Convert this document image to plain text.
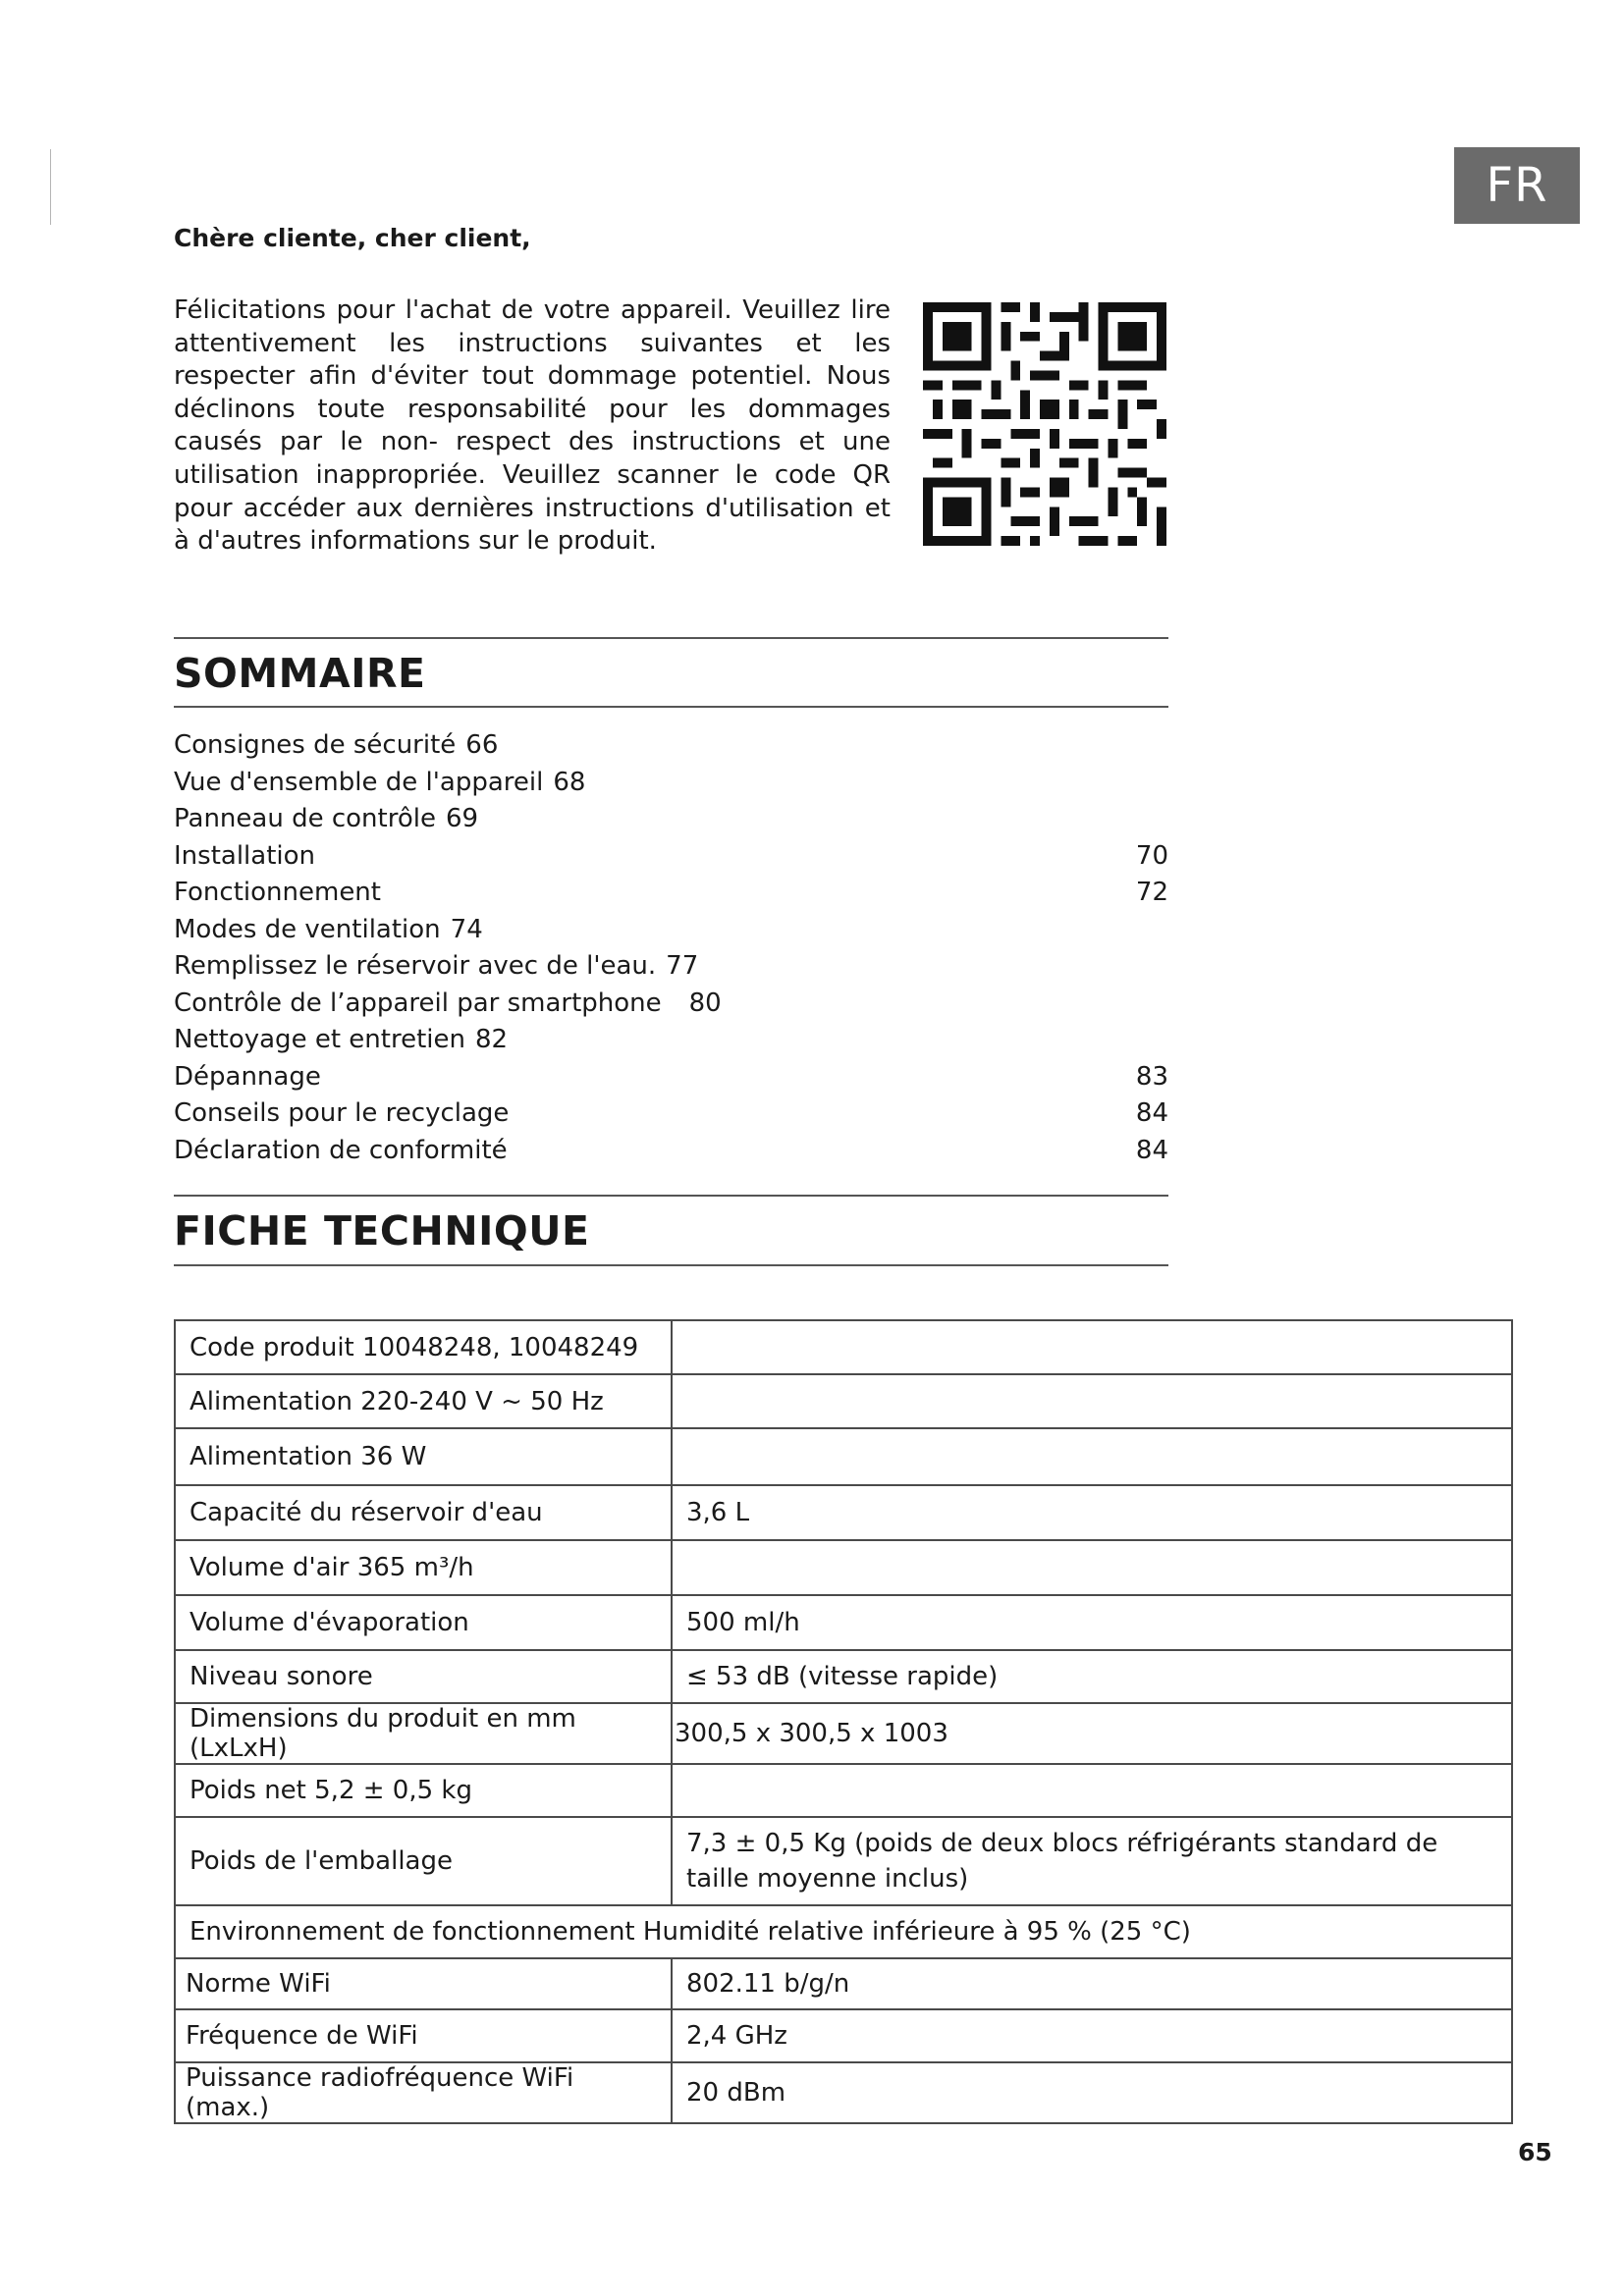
FR
Chère cliente, cher client,

Félicitations pour l'achat de votre appareil. Veuillez lire attentivement les instructions suivantes et les respecter afin d'éviter tout dommage potentiel. Nous déclinons toute responsabilité pour les dommages causés par le non- respect des instructions et une utilisation inappropriée. Veuillez scanner le code QR pour accéder aux dernières instructions d'utilisation et à d'autres informations sur le produit.

SOMMAIRE
Consignes de sécurité 66
Vue d'ensemble de l'appareil 68
Panneau de contrôle 69
Installation	70
Fonctionnement	72
Modes de ventilation 74
Remplissez le réservoir avec de l'eau. 77
Contrôle de l’appareil par smartphone 80
Nettoyage et entretien 82
Dépannage	83
Conseils pour le recyclage	84
Déclaration de conformité	84
FICHE TECHNIQUE
Code produit 10048248, 10048249	
Alimentation 220-240 V ~ 50 Hz	
Alimentation 36 W	
Capacité du réservoir d'eau	3,6 L
Volume d'air 365 m³/h	
Volume d'évaporation	500 ml/h
Niveau sonore	≤ 53 dB (vitesse rapide)
Dimensions du produit en mm (LxLxH)	300,5 x 300,5 x 1003
Poids net 5,2 ± 0,5 kg	
Poids de l'emballage	7,3 ± 0,5 Kg (poids de deux blocs réfrigérants standard de taille moyenne inclus)
Environnement de fonctionnement Humidité relative inférieure à 95 % (25 °C)	
Norme WiFi	802.11 b/g/n
Fréquence de WiFi	2,4 GHz
Puissance radiofréquence WiFi (max.)	20 dBm
65
